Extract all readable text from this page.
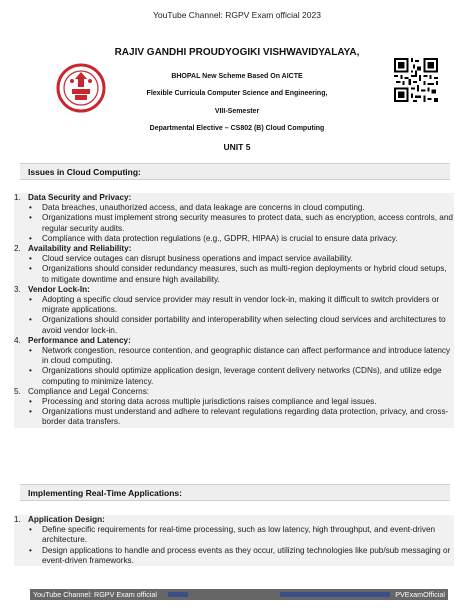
YouTube Channel: RGPV Exam official 2023
RAJIV GANDHI PROUDYOGIKI VISHWAVIDYALAYA,
BHOPAL New Scheme Based On AICTE
Flexible Curricula Computer Science and Engineering,
VIII-Semester
Departmental Elective – CS802 (B) Cloud Computing
UNIT 5
Issues in Cloud Computing:
1. Data Security and Privacy:
• Data breaches, unauthorized access, and data leakage are concerns in cloud computing.
• Organizations must implement strong security measures to protect data, such as encryption, access controls, and regular security audits.
• Compliance with data protection regulations (e.g., GDPR, HIPAA) is crucial to ensure data privacy.
2. Availability and Reliability:
• Cloud service outages can disrupt business operations and impact service availability.
• Organizations should consider redundancy measures, such as multi-region deployments or hybrid cloud setups, to mitigate downtime and ensure high availability.
3. Vendor Lock-In:
• Adopting a specific cloud service provider may result in vendor lock-in, making it difficult to switch providers or migrate applications.
• Organizations should consider portability and interoperability when selecting cloud services and architectures to avoid vendor lock-in.
4. Performance and Latency:
• Network congestion, resource contention, and geographic distance can affect performance and introduce latency in cloud computing.
• Organizations should optimize application design, leverage content delivery networks (CDNs), and utilize edge computing to minimize latency.
5. Compliance and Legal Concerns:
• Processing and storing data across multiple jurisdictions raises compliance and legal issues.
• Organizations must understand and adhere to relevant regulations regarding data protection, privacy, and cross-border data transfers.
Implementing Real-Time Applications:
1. Application Design:
• Define specific requirements for real-time processing, such as low latency, high throughput, and event-driven architecture.
• Design applications to handle and process events as they occur, utilizing technologies like pub/sub messaging or event-driven frameworks.
YouTube Channel: RGPV Exam official	PVExamOfficial
